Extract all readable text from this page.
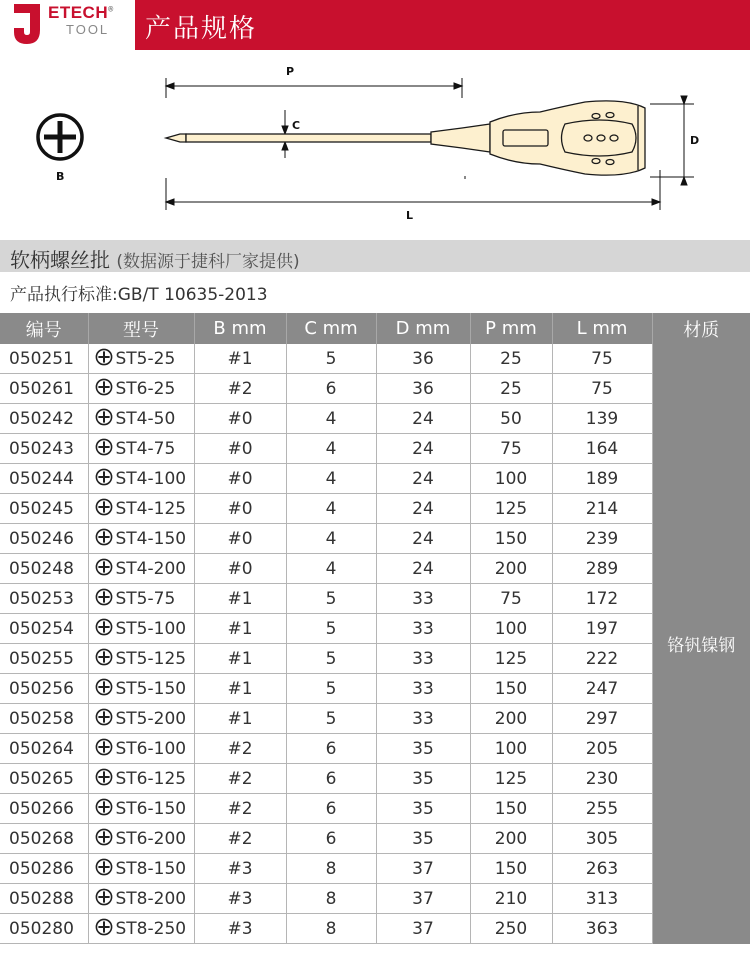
ETECH®
TOOL 产品规格
B
P
L
D
C
软柄螺丝批 (数据源于捷科厂家提供)
产品执行标准:GB/T 10635-2013
编号	型号	B mm	C mm	D mm	P mm	L mm	材质
050251	ST5-25	#1	5	36	25	75	铬钒镍钢
050261	ST6-25	#2	6	36	25	75	
050242	ST4-50	#0	4	24	50	139	
050243	ST4-75	#0	4	24	75	164	
050244	ST4-100	#0	4	24	100	189	
050245	ST4-125	#0	4	24	125	214	
050246	ST4-150	#0	4	24	150	239	
050248	ST4-200	#0	4	24	200	289	
050253	ST5-75	#1	5	33	75	172	
050254	ST5-100	#1	5	33	100	197	
050255	ST5-125	#1	5	33	125	222	
050256	ST5-150	#1	5	33	150	247	
050258	ST5-200	#1	5	33	200	297	
050264	ST6-100	#2	6	35	100	205	
050265	ST6-125	#2	6	35	125	230	
050266	ST6-150	#2	6	35	150	255	
050268	ST6-200	#2	6	35	200	305	
050286	ST8-150	#3	8	37	150	263	
050288	ST8-200	#3	8	37	210	313	
050280	ST8-250	#3	8	37	250	363	
